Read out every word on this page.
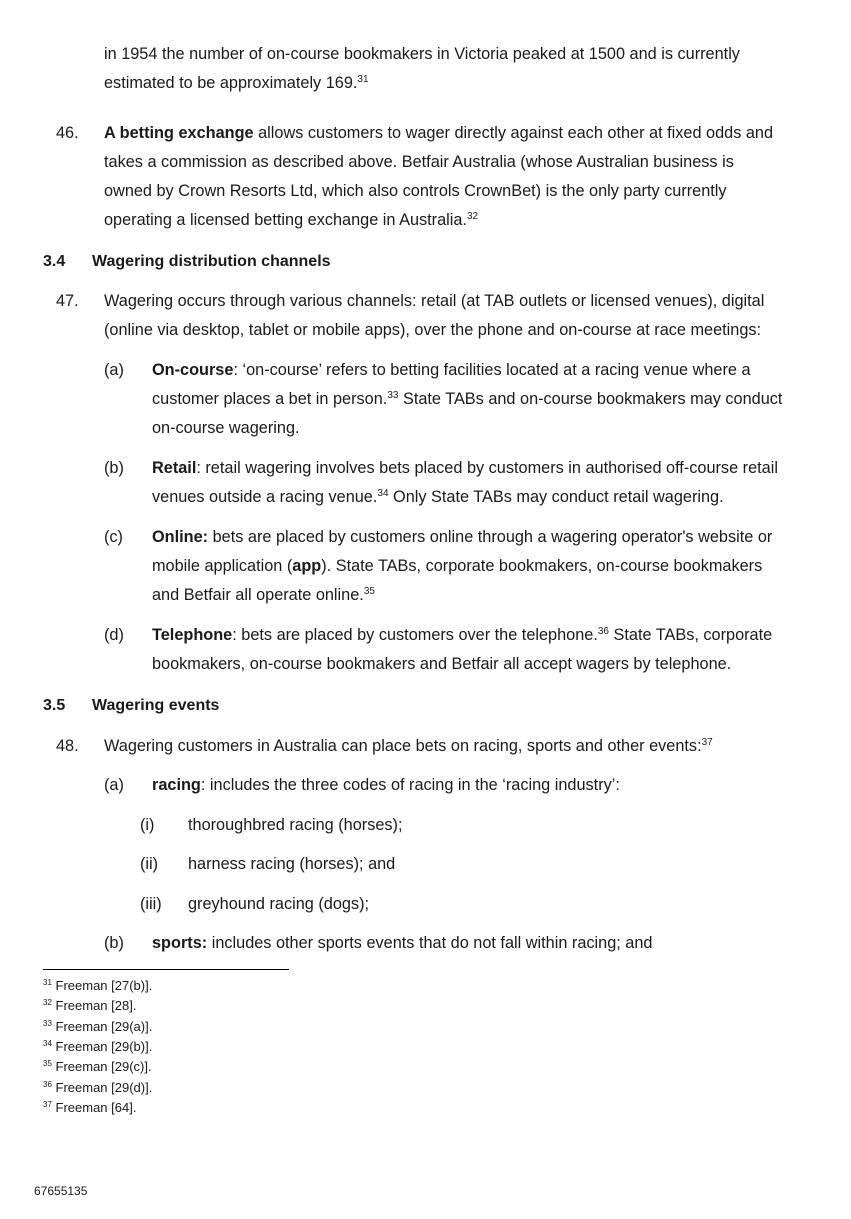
in 1954 the number of on-course bookmakers in Victoria peaked at 1500 and is currently
estimated to be approximately 169.31
46. A betting exchange allows customers to wager directly against each other at fixed odds and
takes a commission as described above. Betfair Australia (whose Australian business is
owned by Crown Resorts Ltd, which also controls CrownBet) is the only party currently
operating a licensed betting exchange in Australia.$^{32}$
3.4 Wagering distribution channels
47. Wagering occurs through various channels: retail (at TAB outlets or licensed venues), digital
(online via desktop, tablet or mobile apps), over the phone and on-course at race meetings:
(a) On-course: ‘on-course’ refers to betting facilities located at a racing venue where a
customer places a bet in person.$^{33}$ State TABs and on-course bookmakers may conduct
on-course wagering.
(b) Retail: retail wagering involves bets placed by customers in authorised off-course retail
venues outside a racing venue.$^{34}$ Only State TABs may conduct retail wagering.
(c) Online: bets are placed by customers online through a wagering operator's website or
mobile application (app). State TABs, corporate bookmakers, on-course bookmakers
and Betfair all operate online.$^{35}$
(d) Telephone: bets are placed by customers over the telephone.$^{36}$ State TABs, corporate
bookmakers, on-course bookmakers and Betfair all accept wagers by telephone.
3.5 Wagering events
48. Wagering customers in Australia can place bets on racing, sports and other events:$^{37}$
(a) racing: includes the three codes of racing in the ‘racing industry’:
(i) thoroughbred racing (horses);
(ii) harness racing (horses); and
(iii) greyhound racing (dogs);
(b) sports: includes other sports events that do not fall within racing; and
$^{31}$ Freeman [27(b)].
$^{32}$ Freeman [28].
$^{33}$ Freeman [29(a)].
$^{34}$ Freeman [29(b)].
$^{35}$ Freeman [29(c)].
$^{36}$ Freeman [29(d)].
$^{37}$ Freeman [64].
67655135
